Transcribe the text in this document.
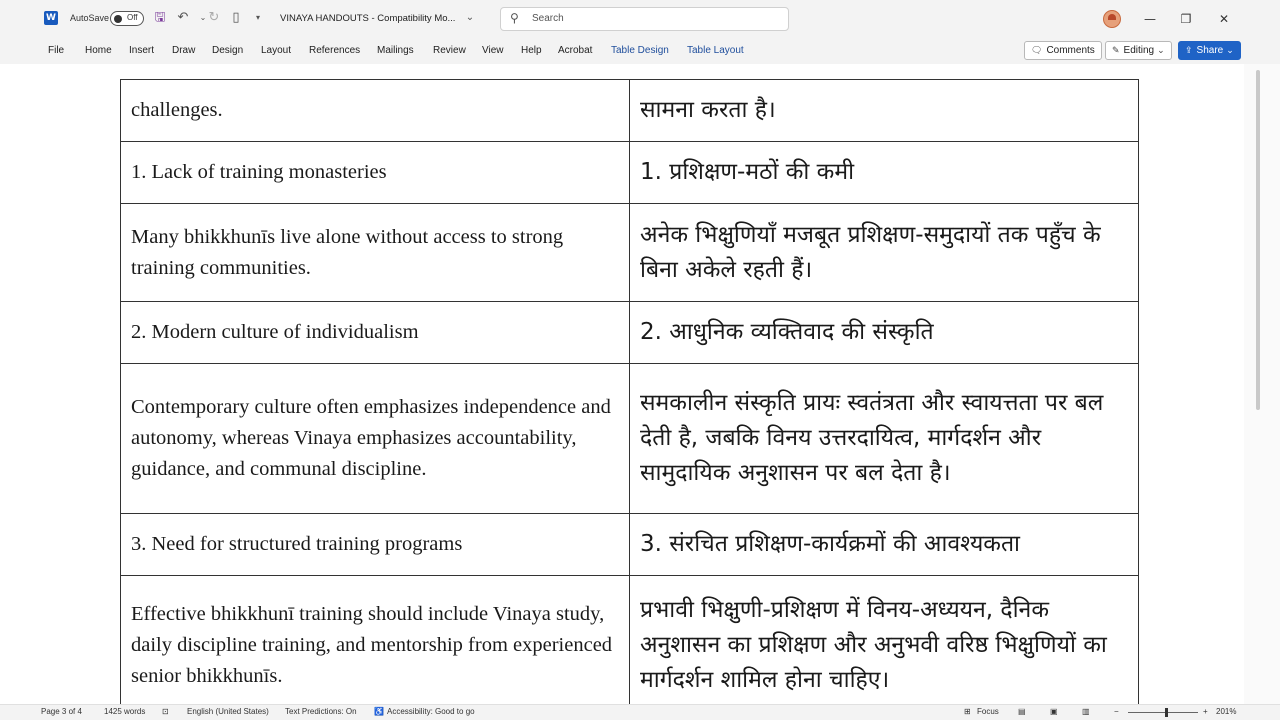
W AutoSave Off 🖫 ↶	⌄ ↻ ▯	▾	VINAYA HANDOUTS - Compatibility Mo...	⌄	⚲ Search	—	❐	✕
File Home Insert Draw Design Layout References Mailings Review View Help Acrobat Table Design Table Layout	🗨 Comments ✎ Editing ⌄ ⇪ Share ⌄
challenges.	सामना करता है।
1. Lack of training monasteries	1. प्रशिक्षण-मठों की कमी
Many bhikkhunīs live alone without access to strong training communities.	अनेक भिक्षुणियाँ मजबूत प्रशिक्षण-समुदायों तक पहुँच के बिना अकेले रहती हैं।
2. Modern culture of individualism	2. आधुनिक व्यक्तिवाद की संस्कृति
Contemporary culture often emphasizes independence and autonomy, whereas Vinaya emphasizes accountability, guidance, and communal discipline.	समकालीन संस्कृति प्रायः स्वतंत्रता और स्वायत्तता पर बल देती है, जबकि विनय उत्तरदायित्व, मार्गदर्शन और सामुदायिक अनुशासन पर बल देता है।
3. Need for structured training programs	3. संरचित प्रशिक्षण-कार्यक्रमों की आवश्यकता
Effective bhikkhunī training should include Vinaya study, daily discipline training, and mentorship from experienced senior bhikkhunīs.	प्रभावी भिक्षुणी-प्रशिक्षण में विनय-अध्ययन, दैनिक अनुशासन का प्रशिक्षण और अनुभवी वरिष्ठ भिक्षुणियों का मार्गदर्शन शामिल होना चाहिए।
Page 3 of 4	1425 words ⊡ English (United States) Text Predictions: On ♿ Accessibility: Good to go	⊞ Focus ▤	▣	▥	−	+ 201%
